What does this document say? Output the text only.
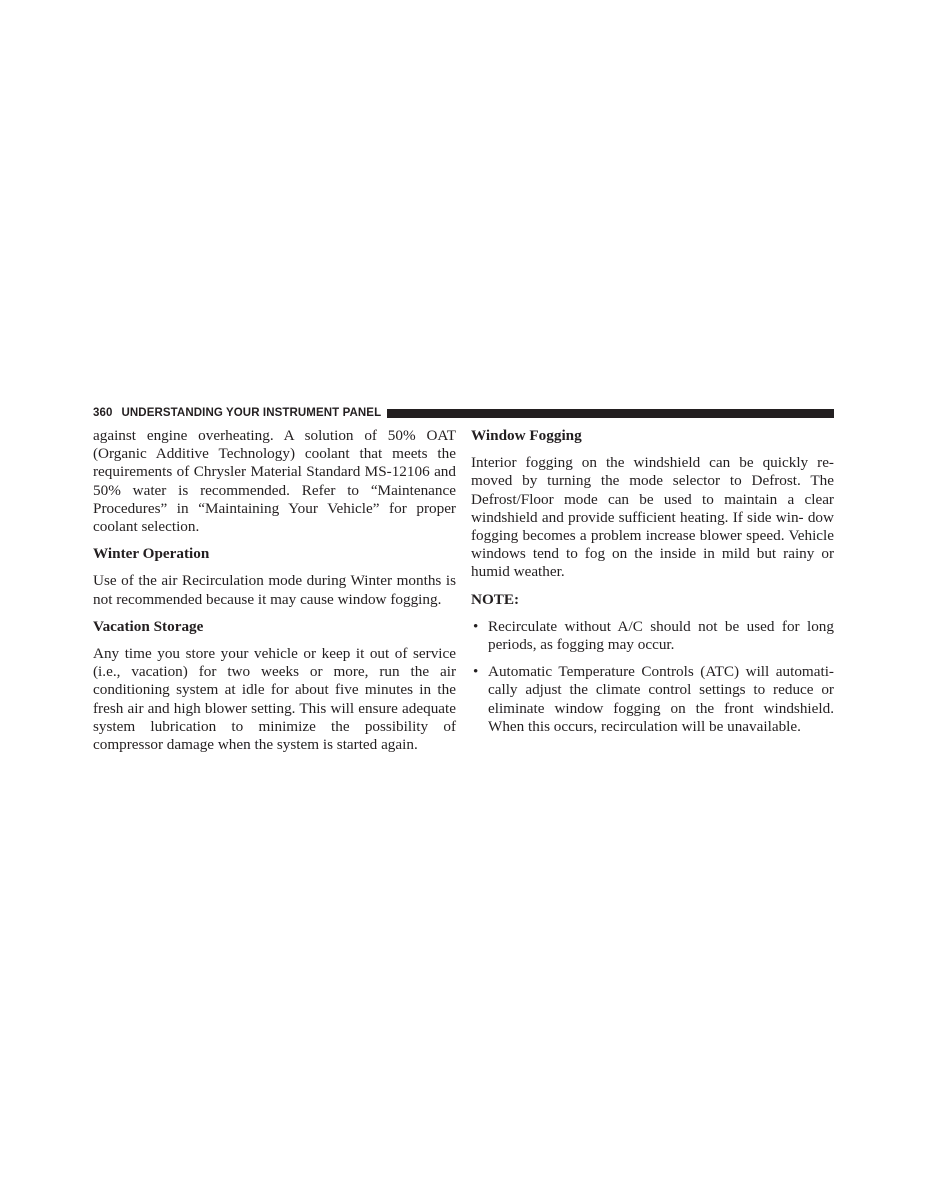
360 UNDERSTANDING YOUR INSTRUMENT PANEL

against engine overheating. A solution of 50% OAT (Organic Additive Technology) coolant that meets the requirements of Chrysler Material Standard MS-12106 and 50% water is recommended. Refer to “Maintenance Procedures” in “Maintaining Your Vehicle” for proper coolant selection.

Winter Operation

Use of the air Recirculation mode during Winter months is not recommended because it may cause window fogging.

Vacation Storage

Any time you store your vehicle or keep it out of service (i.e., vacation) for two weeks or more, run the air conditioning system at idle for about five minutes in the fresh air and high blower setting. This will ensure adequate system lubrication to minimize the possibility of compressor damage when the system is started again.

Window Fogging

Interior fogging on the windshield can be quickly re- moved by turning the mode selector to Defrost. The Defrost/Floor mode can be used to maintain a clear windshield and provide sufficient heating. If side win- dow fogging becomes a problem increase blower speed. Vehicle windows tend to fog on the inside in mild but rainy or humid weather.

NOTE:
• Recirculate without A/C should not be used for long periods, as fogging may occur.
• Automatic Temperature Controls (ATC) will automati- cally adjust the climate control settings to reduce or eliminate window fogging on the front windshield. When this occurs, recirculation will be unavailable.
